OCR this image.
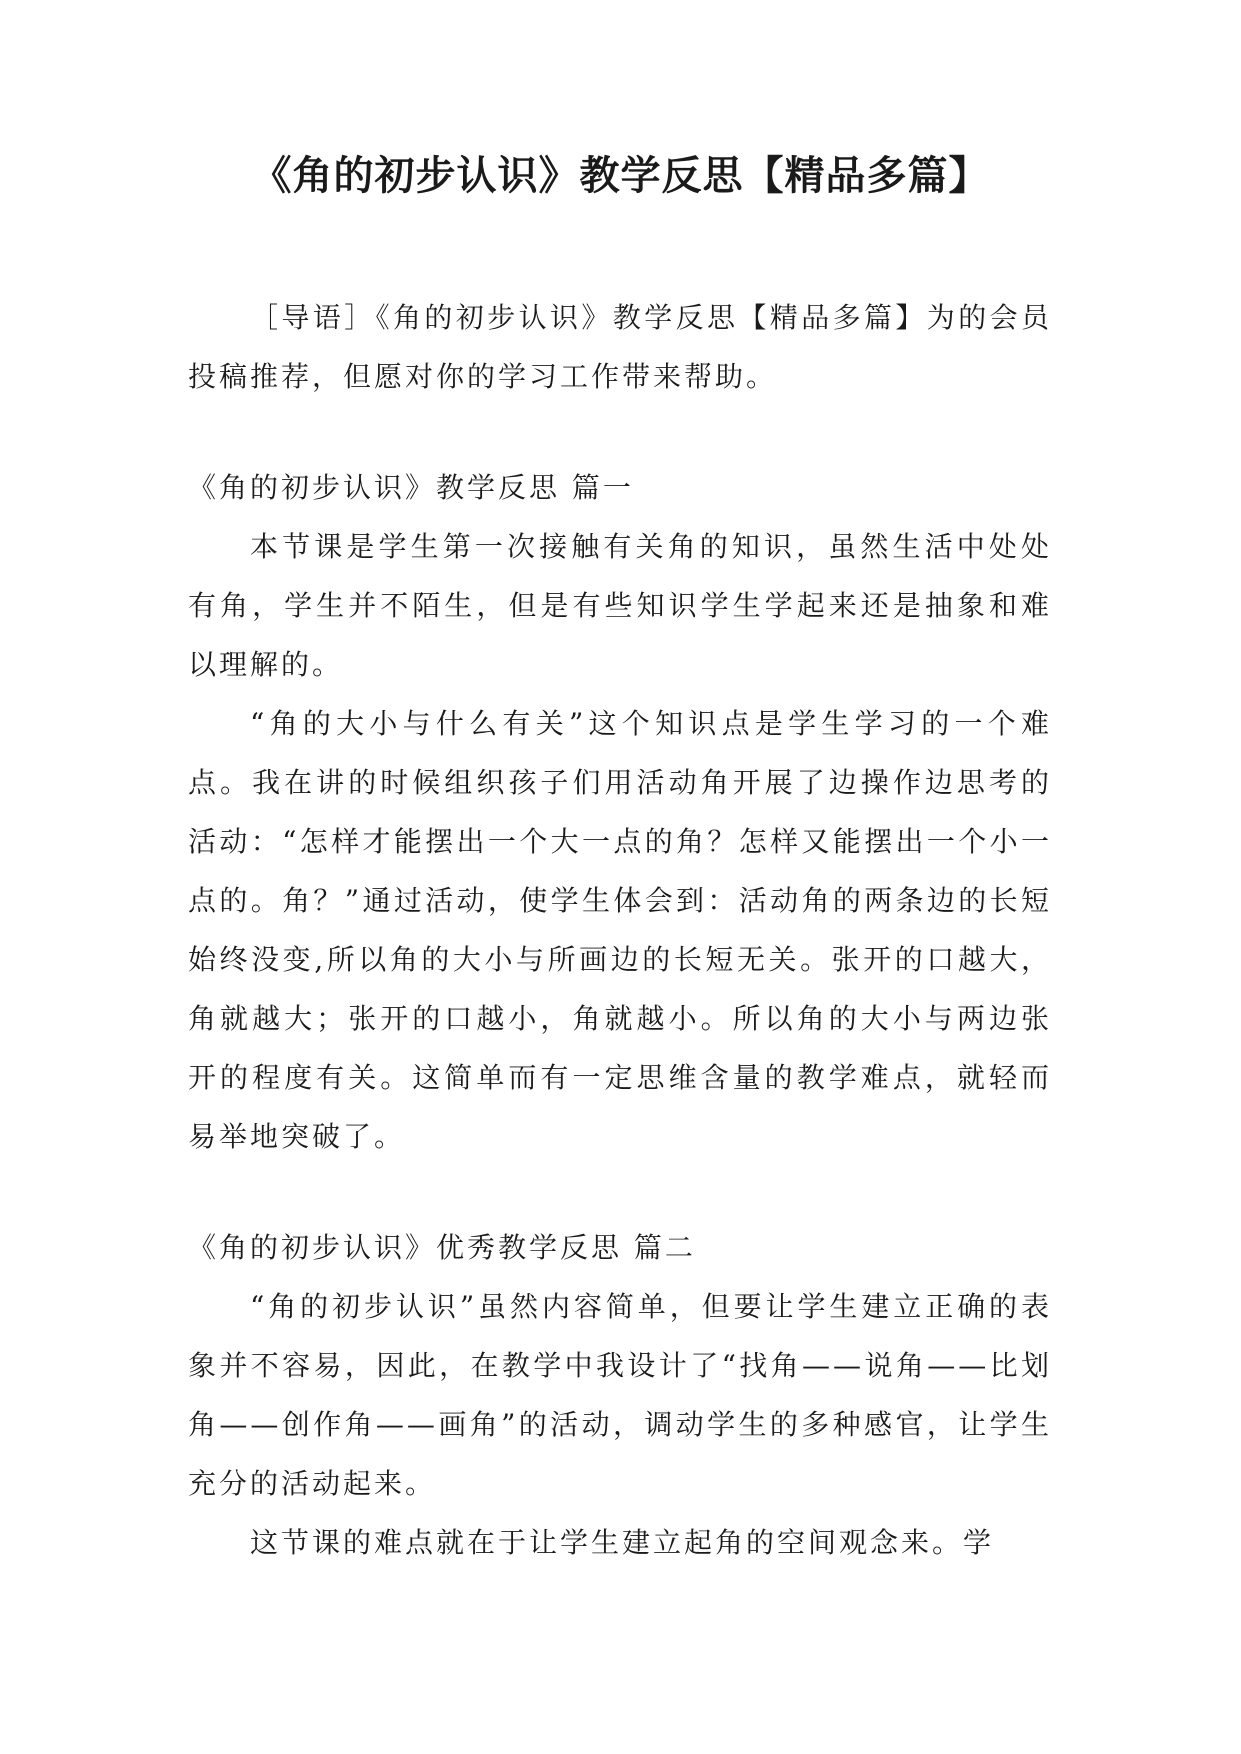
《角的初步认识》教学反思【精品多篇】

［导语］《角的初步认识》教学反思【精品多篇】为的会员投稿推荐，但愿对你的学习工作带来帮助。

《角的初步认识》教学反思 篇一

本节课是学生第一次接触有关角的知识，虽然生活中处处有角，学生并不陌生，但是有些知识学生学起来还是抽象和难以理解的。

“角的大小与什么有关”这个知识点是学生学习的一个难点。我在讲的时候组织孩子们用活动角开展了边操作边思考的活动：“怎样才能摆出一个大一点的角？怎样又能摆出一个小一点的。角？”通过活动，使学生体会到：活动角的两条边的长短始终没变,所以角的大小与所画边的长短无关。张开的口越大，角就越大；张开的口越小，角就越小。所以角的大小与两边张开的程度有关。这简单而有一定思维含量的教学难点，就轻而易举地突破了。

《角的初步认识》优秀教学反思 篇二

“角的初步认识”虽然内容简单，但要让学生建立正确的表象并不容易，因此，在教学中我设计了“找角——说角——比划角——创作角——画角”的活动，调动学生的多种感官，让学生充分的活动起来。

这节课的难点就在于让学生建立起角的空间观念来。学
